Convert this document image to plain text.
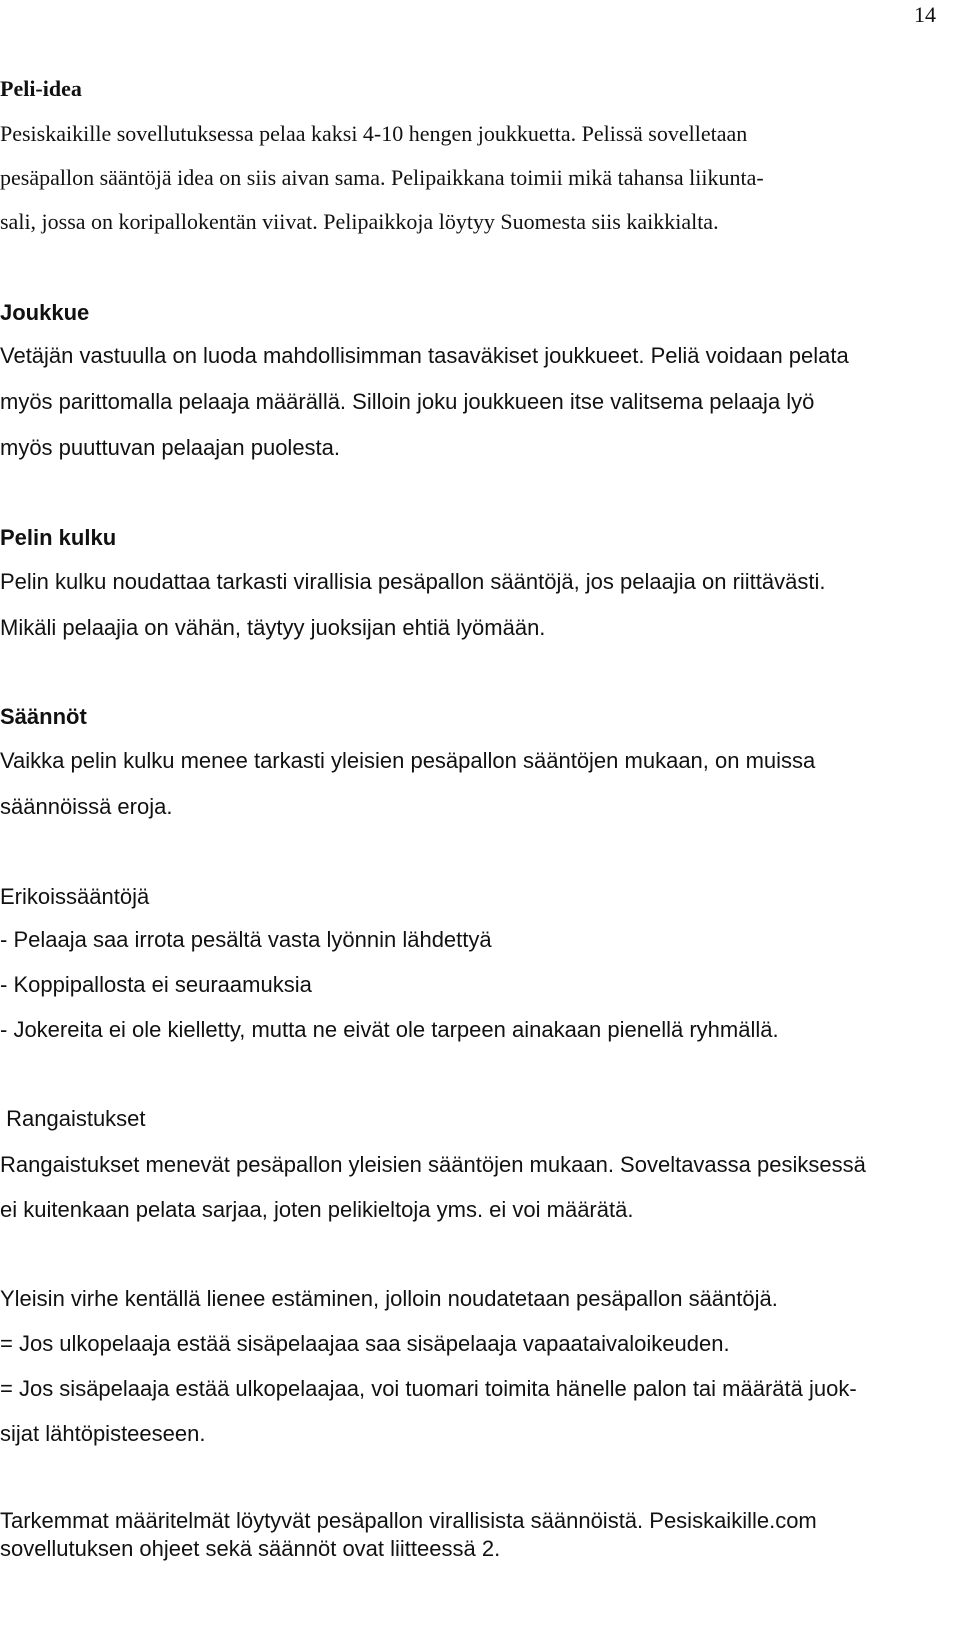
14
Peli-idea
Pesiskaikille sovellutuksessa pelaa kaksi 4-10 hengen joukkuetta. Pelissä sovelletaan
pesäpallon sääntöjä idea on siis aivan sama. Pelipaikkana toimii mikä tahansa liikunta-
sali, jossa on koripallokentän viivat. Pelipaikkoja löytyy Suomesta siis kaikkialta.
Joukkue
Vetäjän vastuulla on luoda mahdollisimman tasaväkiset joukkueet. Peliä voidaan pelata
myös parittomalla pelaaja määrällä. Silloin joku joukkueen itse valitsema pelaaja lyö
myös puuttuvan pelaajan puolesta.
Pelin kulku
Pelin kulku noudattaa tarkasti virallisia pesäpallon sääntöjä, jos pelaajia on riittävästi.
Mikäli pelaajia on vähän, täytyy juoksijan ehtiä lyömään.
Säännöt
Vaikka pelin kulku menee tarkasti yleisien pesäpallon sääntöjen mukaan, on muissa
säännöissä eroja.
Erikoissääntöjä
- Pelaaja saa irrota pesältä vasta lyönnin lähdettyä
- Koppipallosta ei seuraamuksia
- Jokereita ei ole kielletty, mutta ne eivät ole tarpeen ainakaan pienellä ryhmällä.
Rangaistukset
Rangaistukset menevät pesäpallon yleisien sääntöjen mukaan. Soveltavassa pesiksessä
ei kuitenkaan pelata sarjaa, joten pelikieltoja yms. ei voi määrätä.
Yleisin virhe kentällä lienee estäminen, jolloin noudatetaan pesäpallon sääntöjä.
= Jos ulkopelaaja estää sisäpelaajaa saa sisäpelaaja vapaataivaloikeuden.
= Jos sisäpelaaja estää ulkopelaajaa, voi tuomari toimita hänelle palon tai määrätä juok-
sijat lähtöpisteeseen.
Tarkemmat määritelmät löytyvät pesäpallon virallisista säännöistä. Pesiskaikille.com
sovellutuksen ohjeet sekä säännöt ovat liitteessä 2.
